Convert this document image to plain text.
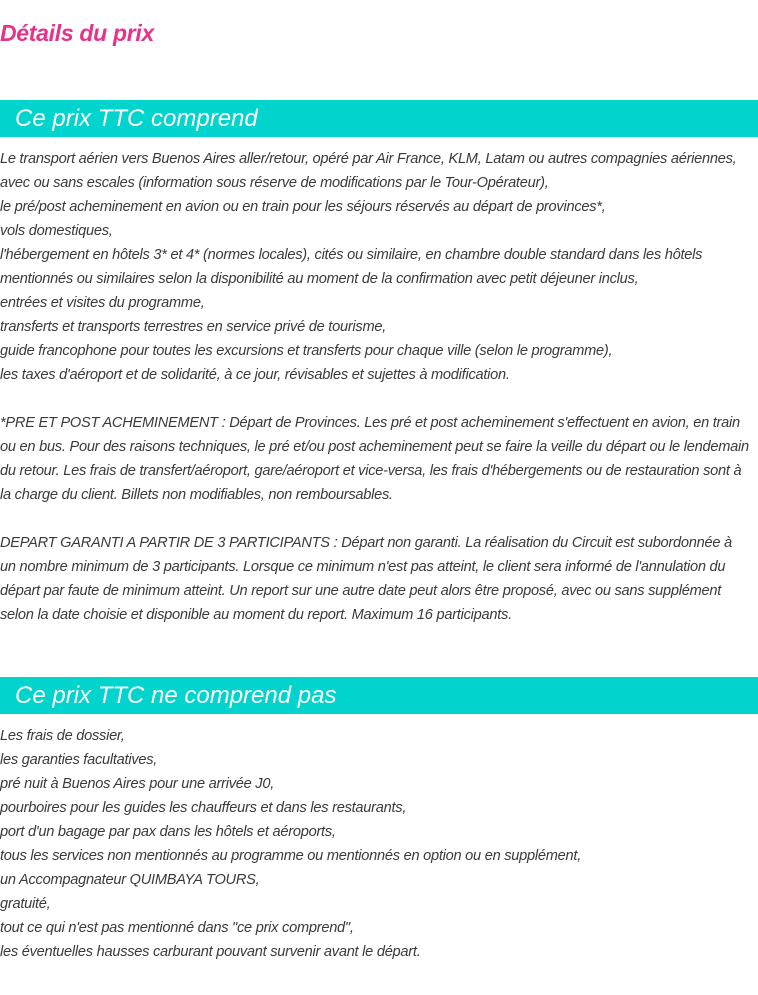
Détails du prix
Ce prix TTC comprend
Le transport aérien vers Buenos Aires aller/retour, opéré par Air France, KLM, Latam ou autres compagnies aériennes,
avec ou sans escales (information sous réserve de modifications par le Tour-Opérateur),
le pré/post acheminement en avion ou en train pour les séjours réservés au départ de provinces*,
vols domestiques,
l'hébergement en hôtels 3* et 4* (normes locales), cités ou similaire, en chambre double standard dans les hôtels
mentionnés ou similaires selon la disponibilité au moment de la confirmation avec petit déjeuner inclus,
entrées et visites du programme,
transferts et transports terrestres en service privé de tourisme,
guide francophone pour toutes les excursions et transferts pour chaque ville (selon le programme),
les taxes d'aéroport et de solidarité, à ce jour, révisables et sujettes à modification.
*PRE ET POST ACHEMINEMENT : Départ de Provinces. Les pré et post acheminement s'effectuent en avion, en train
ou en bus. Pour des raisons techniques, le pré et/ou post acheminement peut se faire la veille du départ ou le lendemain
du retour. Les frais de transfert/aéroport, gare/aéroport et vice-versa, les frais d'hébergements ou de restauration sont à
la charge du client. Billets non modifiables, non remboursables.
DEPART GARANTI A PARTIR DE 3 PARTICIPANTS : Départ non garanti. La réalisation du Circuit est subordonnée à
un nombre minimum de 3 participants. Lorsque ce minimum n'est pas atteint, le client sera informé de l'annulation du
départ par faute de minimum atteint. Un report sur une autre date peut alors être proposé, avec ou sans supplément
selon la date choisie et disponible au moment du report. Maximum 16 participants.
Ce prix TTC ne comprend pas
Les frais de dossier,
les garanties facultatives,
pré nuit à Buenos Aires pour une arrivée J0,
pourboires pour les guides les chauffeurs et dans les restaurants,
port d'un bagage par pax dans les hôtels et aéroports,
tous les services non mentionnés au programme ou mentionnés en option ou en supplément,
un Accompagnateur QUIMBAYA TOURS,
gratuité,
tout ce qui n'est pas mentionné dans "ce prix comprend",
les éventuelles hausses carburant pouvant survenir avant le départ.
